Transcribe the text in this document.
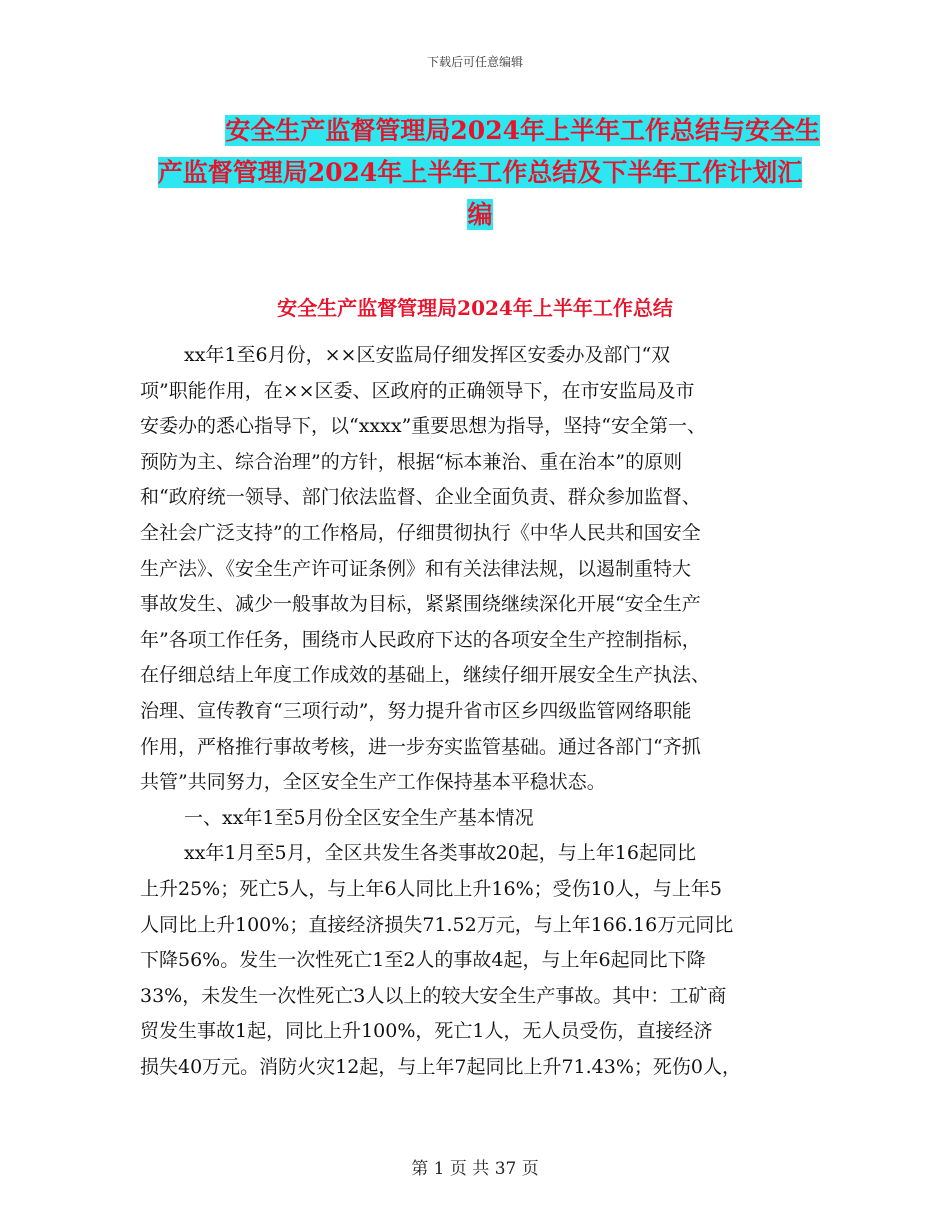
下载后可任意编辑
安全生产监督管理局2024年上半年工作总结与安全生
产监督管理局2024年上半年工作总结及下半年工作计划汇
编
安全生产监督管理局2024年上半年工作总结
xx年1至6月份，××区安监局仔细发挥区安委办及部门“双
项”职能作用，在××区委、区政府的正确领导下，在市安监局及市
安委办的悉心指导下，以“xxxx”重要思想为指导，坚持“安全第一、
预防为主、综合治理”的方针，根据“标本兼治、重在治本”的原则
和“政府统一领导、部门依法监督、企业全面负责、群众参加监督、
全社会广泛支持”的工作格局，仔细贯彻执行《中华人民共和国安全
生产法》、《安全生产许可证条例》和有关法律法规，以遏制重特大
事故发生、减少一般事故为目标，紧紧围绕继续深化开展“安全生产
年”各项工作任务，围绕市人民政府下达的各项安全生产控制指标，
在仔细总结上年度工作成效的基础上，继续仔细开展安全生产执法、
治理、宣传教育“三项行动”，努力提升省市区乡四级监管网络职能
作用，严格推行事故考核，进一步夯实监管基础。通过各部门“齐抓
共管”共同努力，全区安全生产工作保持基本平稳状态。
一、xx年1至5月份全区安全生产基本情况
xx年1月至5月，全区共发生各类事故20起，与上年16起同比
上升25%；死亡5人，与上年6人同比上升16%；受伤10人，与上年5
人同比上升100%；直接经济损失71.52万元，与上年166.16万元同比
下降56%。发生一次性死亡1至2人的事故4起，与上年6起同比下降
33%，未发生一次性死亡3人以上的较大安全生产事故。其中：工矿商
贸发生事故1起，同比上升100%，死亡1人，无人员受伤，直接经济
损失40万元。消防火灾12起，与上年7起同比上升71.43%；死伤0人，
第 1 页 共 37 页
